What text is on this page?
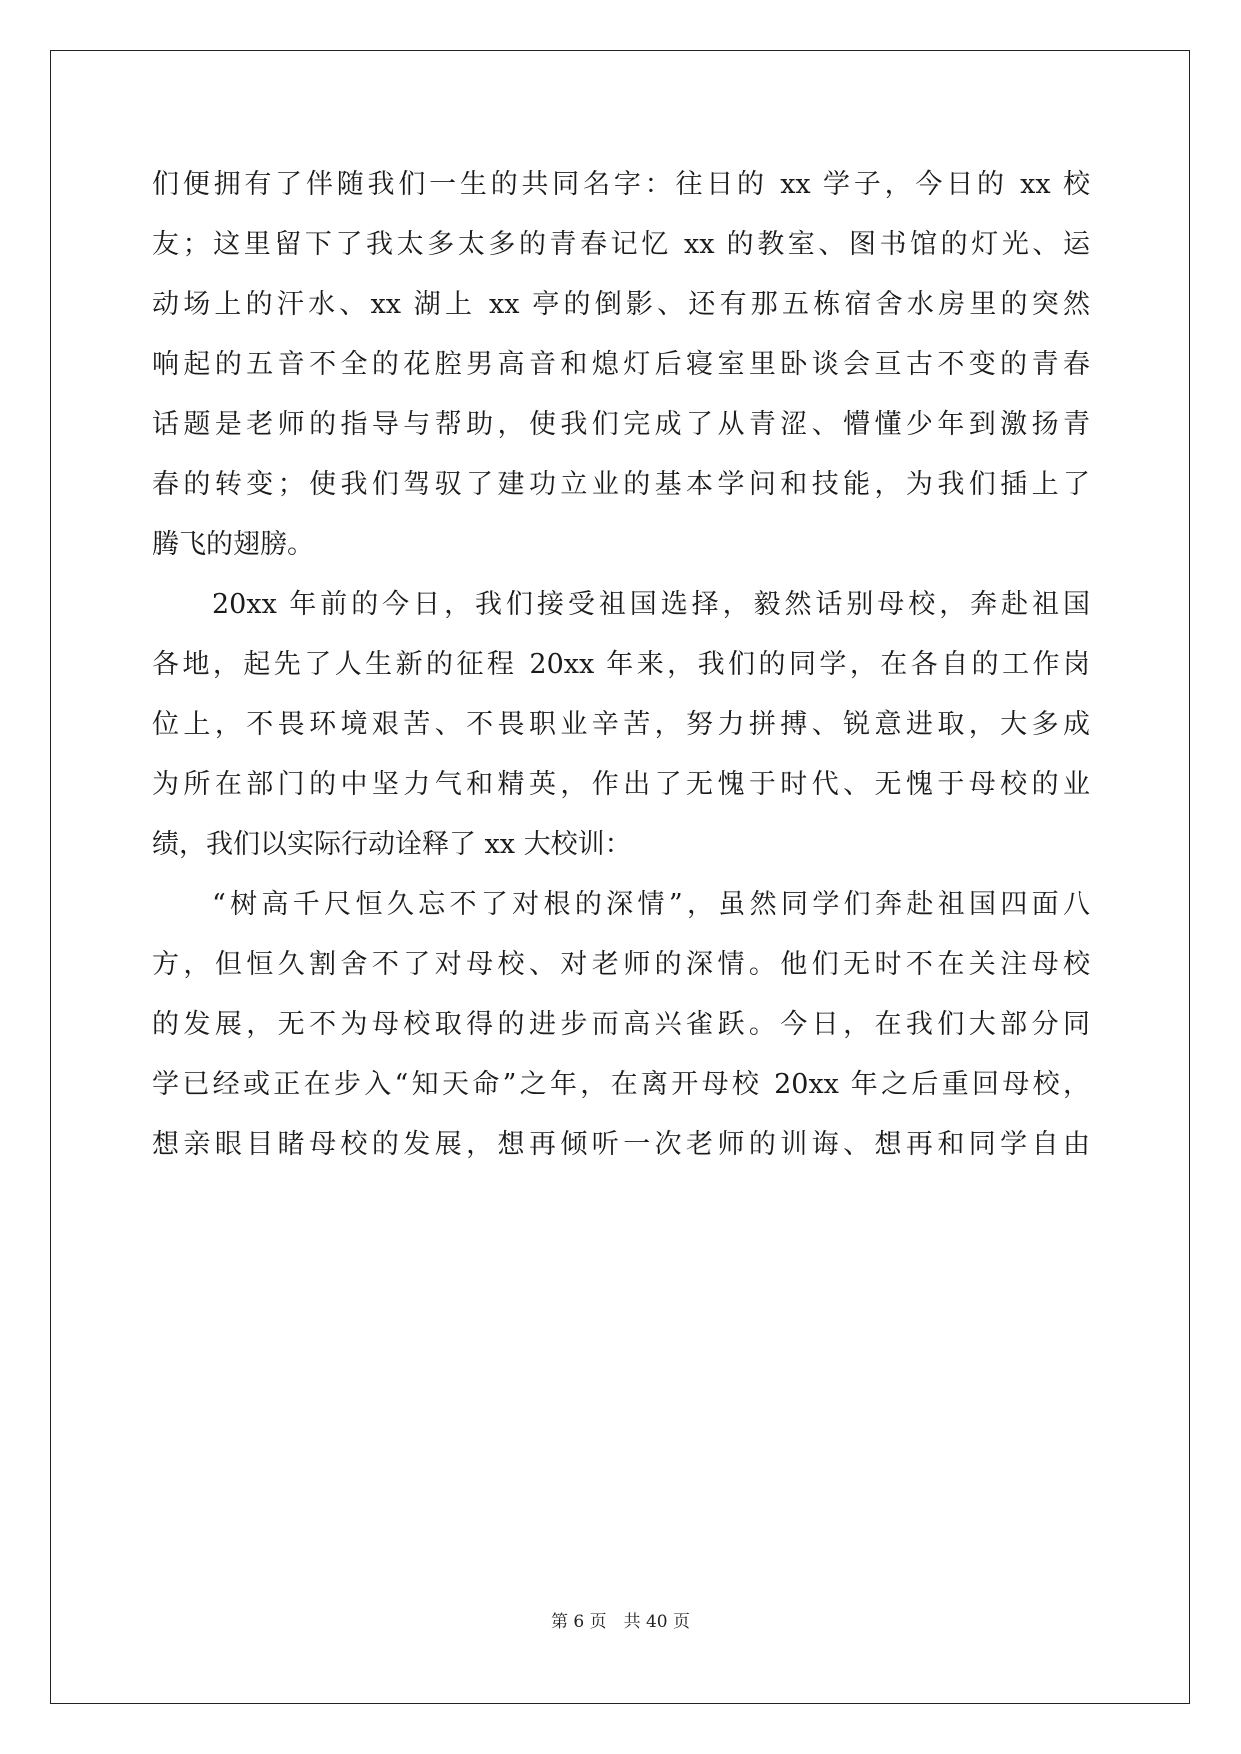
们便拥有了伴随我们一生的共同名字：往日的 xx 学子，今日的 xx 校
友；这里留下了我太多太多的青春记忆 xx 的教室、图书馆的灯光、运
动场上的汗水、xx 湖上 xx 亭的倒影、还有那五栋宿舍水房里的突然
响起的五音不全的花腔男高音和熄灯后寝室里卧谈会亘古不变的青春
话题是老师的指导与帮助，使我们完成了从青涩、懵懂少年到激扬青
春的转变；使我们驾驭了建功立业的基本学问和技能，为我们插上了
腾飞的翅膀。
20xx 年前的今日，我们接受祖国选择，毅然话别母校，奔赴祖国
各地，起先了人生新的征程 20xx 年来，我们的同学，在各自的工作岗
位上，不畏环境艰苦、不畏职业辛苦，努力拼搏、锐意进取，大多成
为所在部门的中坚力气和精英，作出了无愧于时代、无愧于母校的业
绩，我们以实际行动诠释了 xx 大校训：
“树高千尺恒久忘不了对根的深情”，虽然同学们奔赴祖国四面八
方，但恒久割舍不了对母校、对老师的深情。他们无时不在关注母校
的发展，无不为母校取得的进步而高兴雀跃。今日，在我们大部分同
学已经或正在步入“知天命”之年，在离开母校 20xx 年之后重回母校，
想亲眼目睹母校的发展，想再倾听一次老师的训诲、想再和同学自由
第 6 页　共 40 页
